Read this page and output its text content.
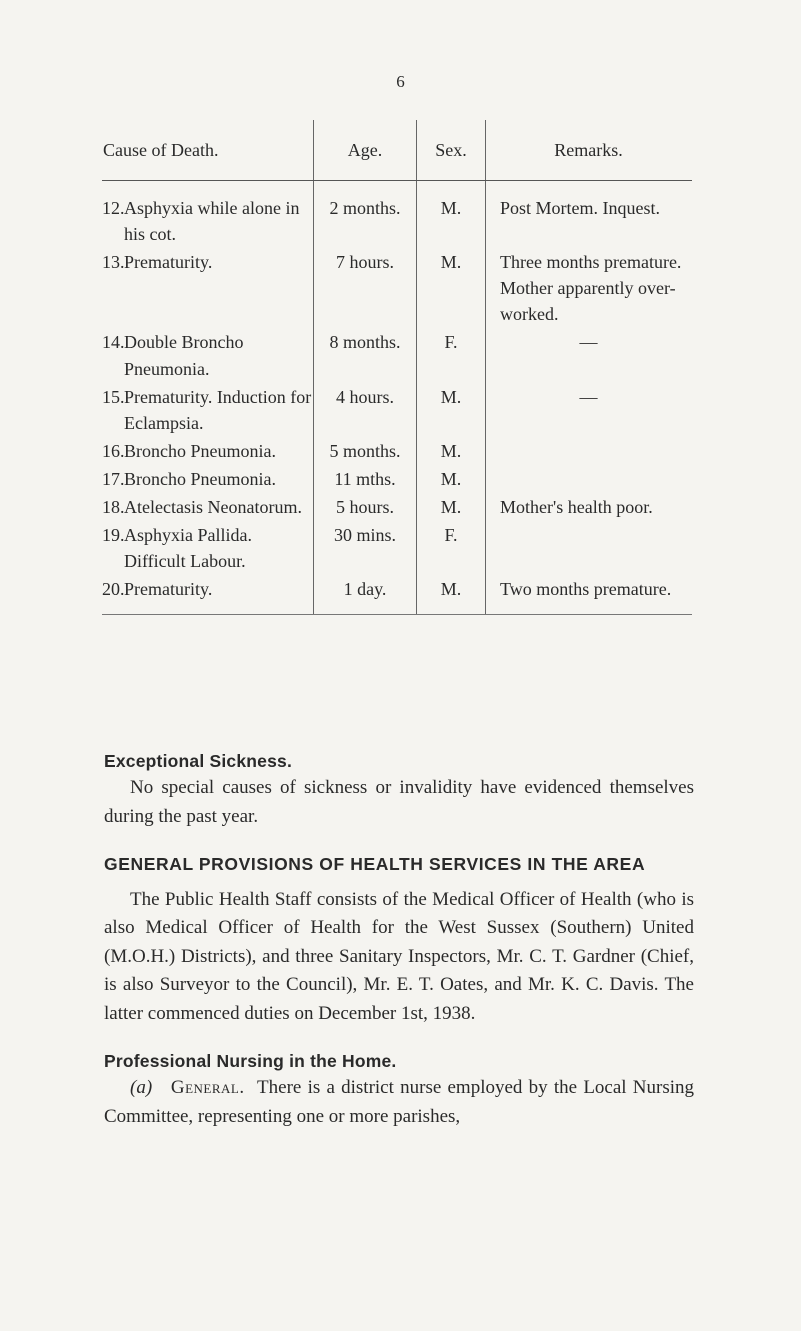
6
Cause of Death.	Age.	Sex.	Remarks.
12.Asphyxia while alone in his cot.	2 months.	M.	Post Mortem. Inquest.
13.Prematurity.	7 hours.	M.	Three months premature. Mother apparently over-worked.
14.Double Broncho Pneumonia.	8 months.	F.	—
15.Prematurity. Induction for Eclampsia.	4 hours.	M.	—
16.Broncho Pneumonia.	5 months.	M.	
17.Broncho Pneumonia.	11 mths.	M.	
18.Atelectasis Neonatorum.	5 hours.	M.	Mother's health poor.
19.Asphyxia Pallida. Difficult Labour.	30 mins.	F.	
20.Prematurity.	1 day.	M.	Two months premature.
Exceptional Sickness.

No special causes of sickness or invalidity have evidenced themselves during the past year.

GENERAL PROVISIONS OF HEALTH SERVICES IN THE AREA

The Public Health Staff consists of the Medical Officer of Health (who is also Medical Officer of Health for the West Sussex (Southern) United (M.O.H.) Districts), and three Sanitary Inspectors, Mr. C. T. Gardner (Chief, is also Surveyor to the Council), Mr. E. T. Oates, and Mr. K. C. Davis. The latter commenced duties on December 1st, 1938.

Professional Nursing in the Home.

(a) General. There is a district nurse employed by the Local Nursing Committee, representing one or more parishes,
